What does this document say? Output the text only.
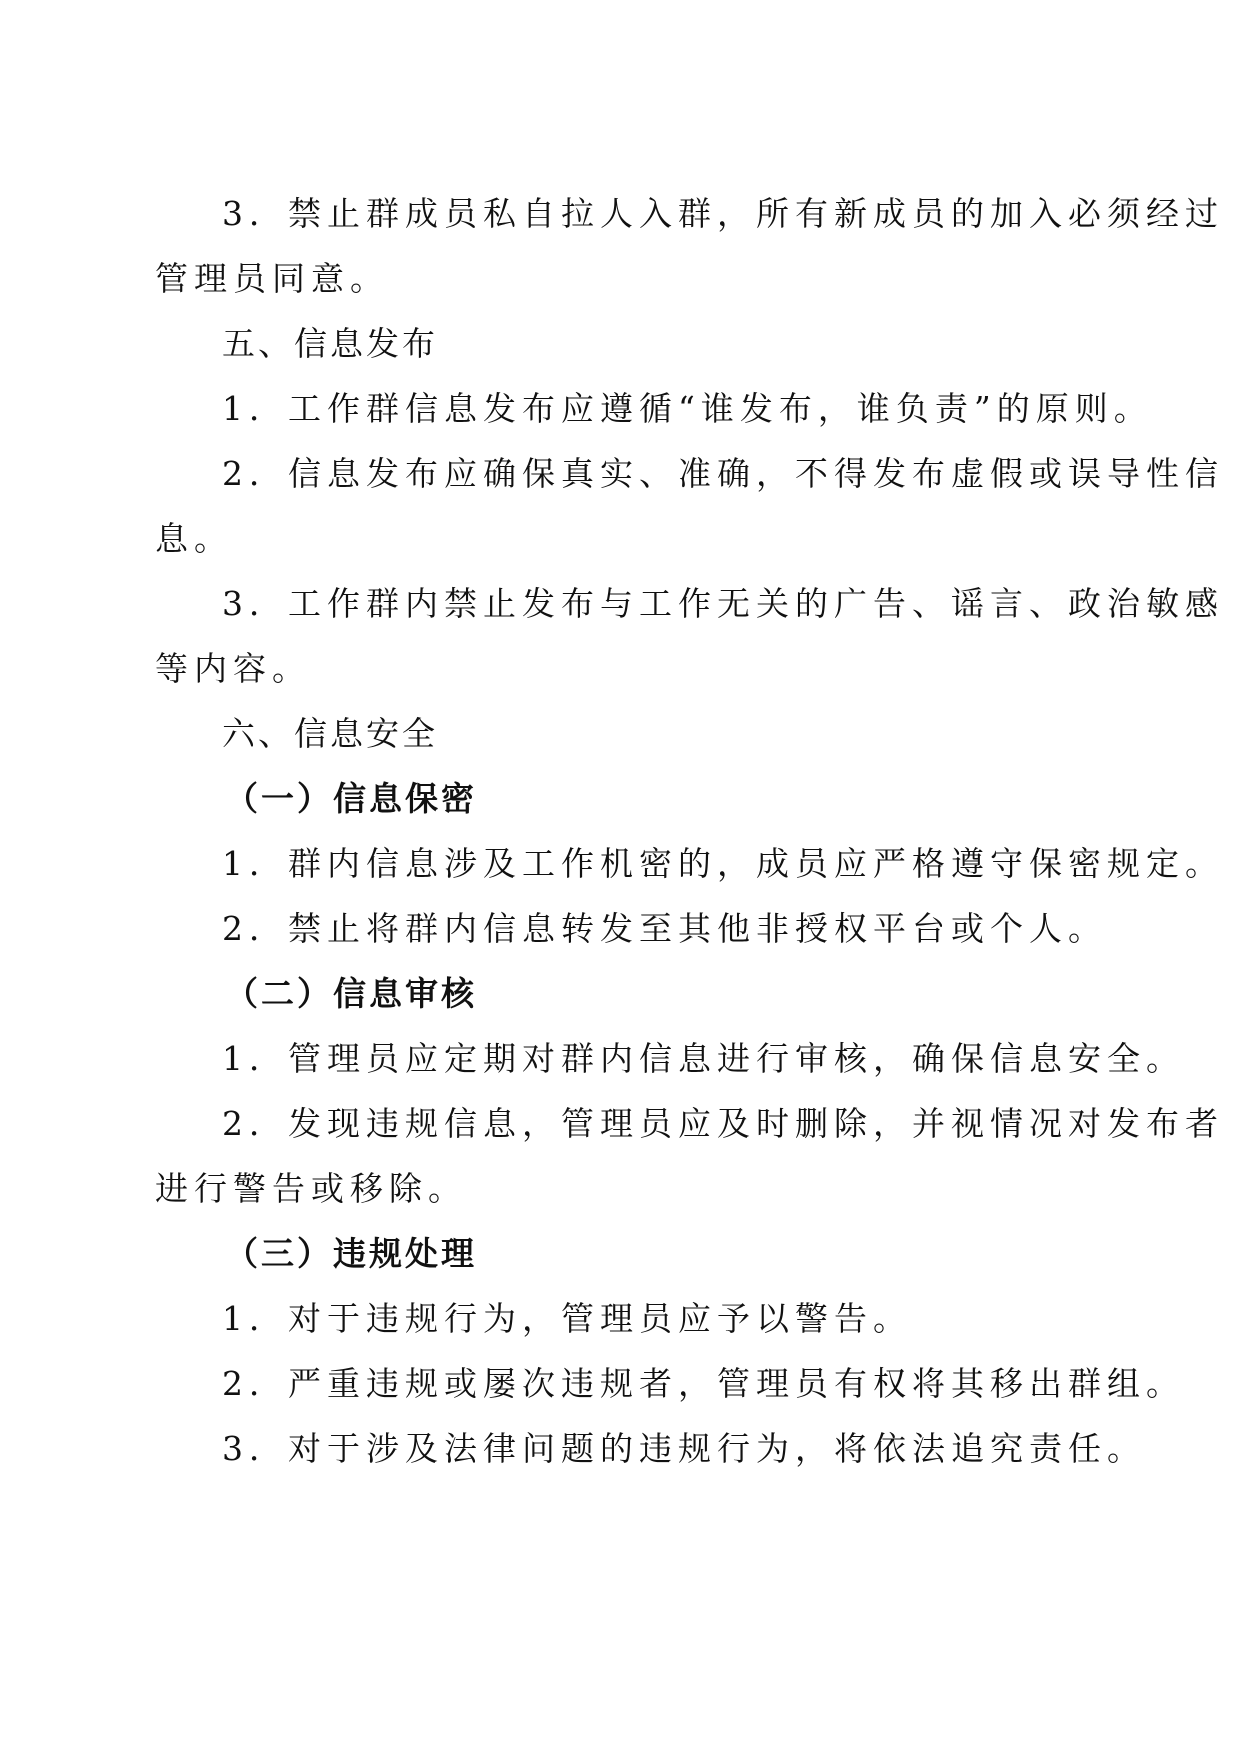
3．禁止群成员私自拉人入群，所有新成员的加入必须经过
管理员同意。
五、信息发布
1．工作群信息发布应遵循“谁发布，谁负责”的原则。
2．信息发布应确保真实、准确，不得发布虚假或误导性信
息。
3．工作群内禁止发布与工作无关的广告、谣言、政治敏感
等内容。
六、信息安全
（一）信息保密
1．群内信息涉及工作机密的，成员应严格遵守保密规定。
2．禁止将群内信息转发至其他非授权平台或个人。
（二）信息审核
1．管理员应定期对群内信息进行审核，确保信息安全。
2．发现违规信息，管理员应及时删除，并视情况对发布者
进行警告或移除。
（三）违规处理
1．对于违规行为，管理员应予以警告。
2．严重违规或屡次违规者，管理员有权将其移出群组。
3．对于涉及法律问题的违规行为，将依法追究责任。
